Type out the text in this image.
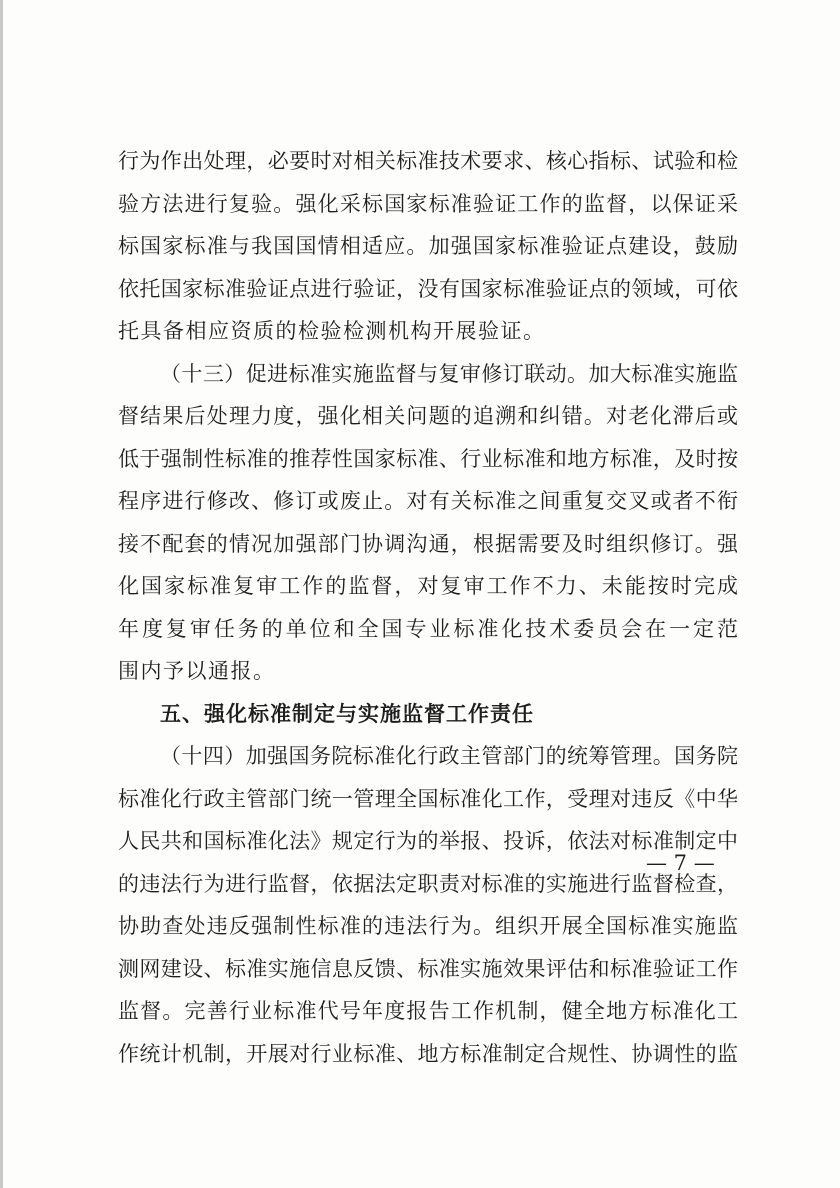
行为作出处理，必要时对相关标准技术要求、核心指标、试验和检
验方法进行复验。强化采标国家标准验证工作的监督，以保证采
标国家标准与我国国情相适应。加强国家标准验证点建设，鼓励
依托国家标准验证点进行验证，没有国家标准验证点的领域，可依
托具备相应资质的检验检测机构开展验证。
（十三）促进标准实施监督与复审修订联动。加大标准实施监
督结果后处理力度，强化相关问题的追溯和纠错。对老化滞后或
低于强制性标准的推荐性国家标准、行业标准和地方标准，及时按
程序进行修改、修订或废止。对有关标准之间重复交叉或者不衔
接不配套的情况加强部门协调沟通，根据需要及时组织修订。强
化国家标准复审工作的监督，对复审工作不力、未能按时完成
年度复审任务的单位和全国专业标准化技术委员会在一定范
围内予以通报。
五、强化标准制定与实施监督工作责任
（十四）加强国务院标准化行政主管部门的统筹管理。国务院
标准化行政主管部门统一管理全国标准化工作，受理对违反《中华
人民共和国标准化法》规定行为的举报、投诉，依法对标准制定中
的违法行为进行监督，依据法定职责对标准的实施进行监督检查，
协助查处违反强制性标准的违法行为。组织开展全国标准实施监
测网建设、标准实施信息反馈、标准实施效果评估和标准验证工作
监督。完善行业标准代号年度报告工作机制，健全地方标准化工
作统计机制，开展对行业标准、地方标准制定合规性、协调性的监
— 7 —
